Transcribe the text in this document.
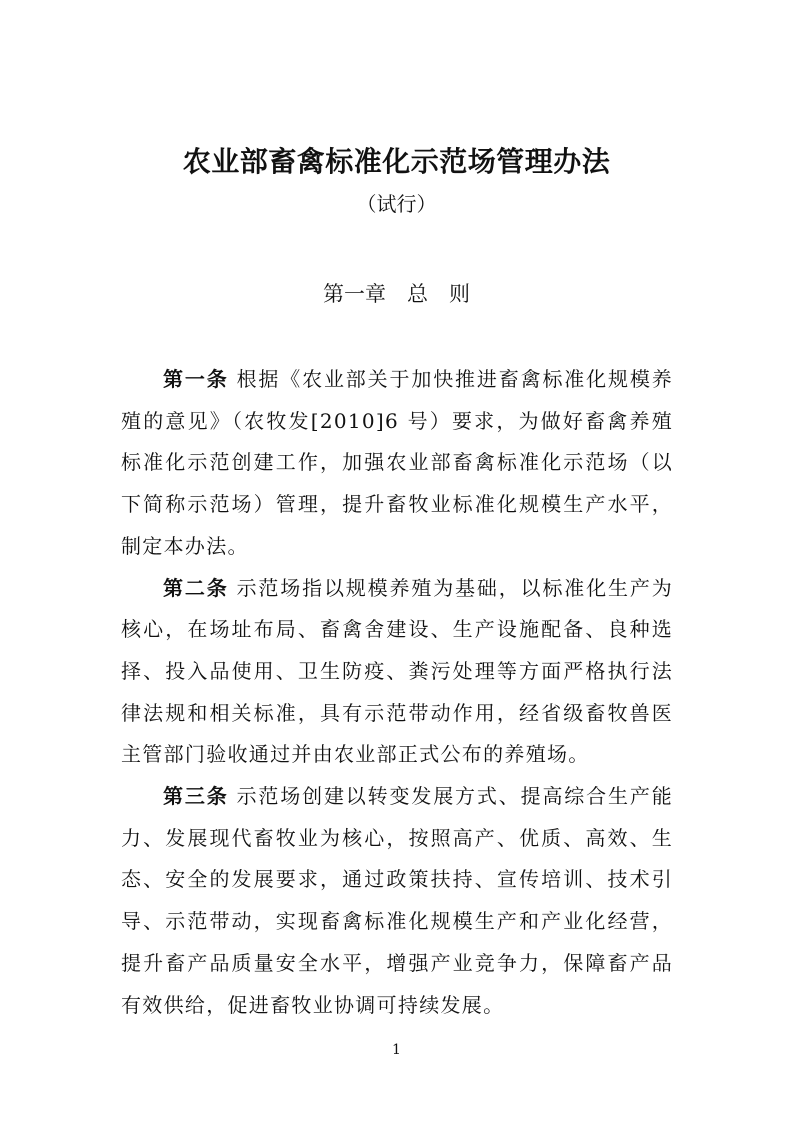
农业部畜禽标准化示范场管理办法
（试行）
第一章　总　则

第一条 根据《农业部关于加快推进畜禽标准化规模养殖的意见》（农牧发[2010]6 号）要求，为做好畜禽养殖标准化示范创建工作，加强农业部畜禽标准化示范场（以下简称示范场）管理，提升畜牧业标准化规模生产水平，制定本办法。

第二条 示范场指以规模养殖为基础，以标准化生产为核心，在场址布局、畜禽舍建设、生产设施配备、良种选择、投入品使用、卫生防疫、粪污处理等方面严格执行法律法规和相关标准，具有示范带动作用，经省级畜牧兽医主管部门验收通过并由农业部正式公布的养殖场。

第三条 示范场创建以转变发展方式、提高综合生产能力、发展现代畜牧业为核心，按照高产、优质、高效、生态、安全的发展要求，通过政策扶持、宣传培训、技术引导、示范带动，实现畜禽标准化规模生产和产业化经营，提升畜产品质量安全水平，增强产业竞争力，保障畜产品有效供给，促进畜牧业协调可持续发展。

1
